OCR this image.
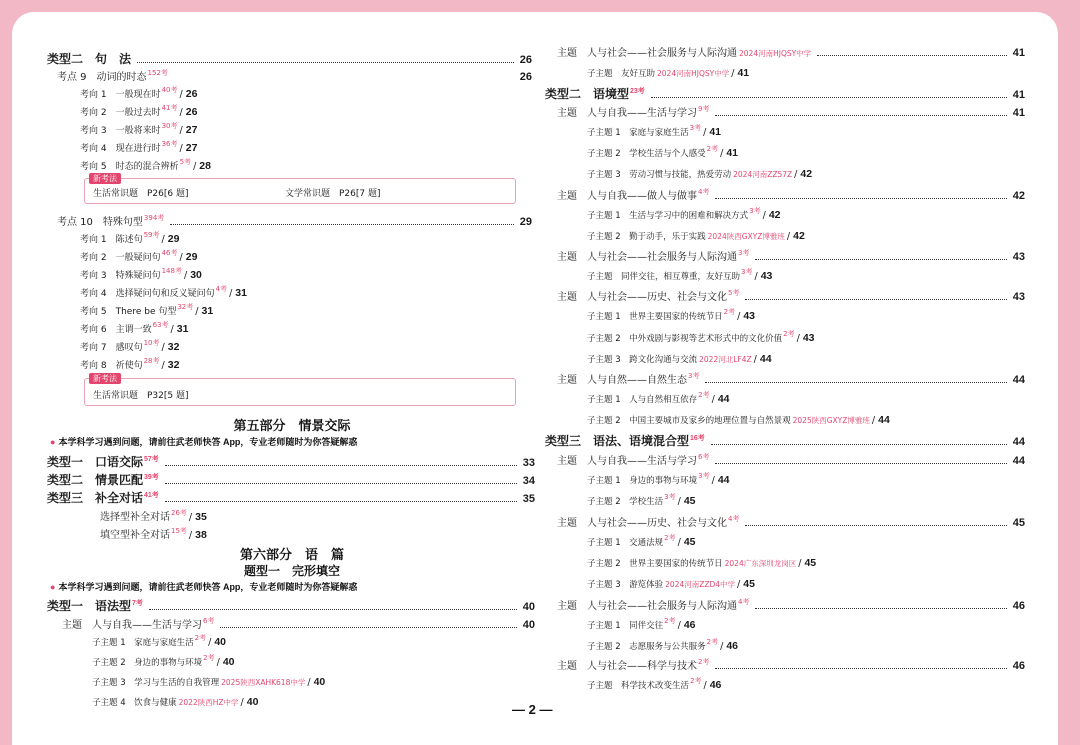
类型二　句　法	26
考点 9　动词的时态 152考	26
考向 1　一般现在时 40考 / 26
考向 2　一般过去时 41考 / 26
考向 3　一般将来时 30考 / 27
考向 4　现在进行时 36考 / 27
考向 5　时态的混合辨析 5考 / 28
新考法
生活常识题　P26[6 题]	文学常识题　P26[7 题]
考点 10　特殊句型 394考	29
考向 1　陈述句 59考 / 29
考向 2　一般疑问句 46考 / 29
考向 3　特殊疑问句 148考 / 30
考向 4　选择疑问句和反义疑问句 4考 / 31
考向 5　There be 句型 32考 / 31
考向 6　主谓一致 63考 / 31
考向 7　感叹句 10考 / 32
考向 8　祈使句 28考 / 32
新考法
生活常识题　P32[5 题]
第五部分　情景交际
● 本学科学习遇到问题，请前往武老师快答 App，专业老师随时为你答疑解惑
类型一　口语交际 57考	33
类型二　情景匹配 39考	34
类型三　补全对话 41考	35
选择型补全对话 26考 / 35
填空型补全对话 15考 / 38
第六部分　语　篇
题型一　完形填空
● 本学科学习遇到问题，请前往武老师快答 App，专业老师随时为你答疑解惑
类型一　语法型 7考	40
主题　人与自我——生活与学习 6考	40
子主题 1　家庭与家庭生活 2考 / 40
子主题 2　身边的事物与环境 2考 / 40
子主题 3　学习与生活的自我管理 2025陕西XAHK618中学 / 40
子主题 4　饮食与健康 2022陕西HZ中学 / 40
主题　人与社会——社会服务与人际沟通 2024河南HJQSY中学	41
子主题　友好互助 2024河南HJQSY中学 / 41
类型二　语境型 23考	41
主题　人与自我——生活与学习 9考	41
子主题 1　家庭与家庭生活 3考 / 41
子主题 2　学校生活与个人感受 2考 / 41
子主题 3　劳动习惯与技能，热爱劳动 2024河南ZZ57Z / 42
主题　人与自我——做人与做事 4考	42
子主题 1　生活与学习中的困难和解决方式 3考 / 42
子主题 2　勤于动手，乐于实践 2024陕西GXYZ博雅班 / 42
主题　人与社会——社会服务与人际沟通 3考	43
子主题　同伴交往，相互尊重，友好互助 3考 / 43
主题　人与社会——历史、社会与文化 5考	43
子主题 1　世界主要国家的传统节日 2考 / 43
子主题 2　中外戏剧与影视等艺术形式中的文化价值 2考 / 43
子主题 3　跨文化沟通与交流 2022河北LF4Z / 44
主题　人与自然——自然生态 3考	44
子主题 1　人与自然相互依存 2考 / 44
子主题 2　中国主要城市及家乡的地理位置与自然景观 2025陕西GXYZ博雅班 / 44
类型三　语法、语境混合型 16考	44
主题　人与自我——生活与学习 6考	44
子主题 1　身边的事物与环境 3考 / 44
子主题 2　学校生活 3考 / 45
主题　人与社会——历史、社会与文化 4考	45
子主题 1　交通法规 2考 / 45
子主题 2　世界主要国家的传统节日 2024广东深圳龙岗区 / 45
子主题 3　游览体验 2024河南ZZD4中学 / 45
主题　人与社会——社会服务与人际沟通 4考	46
子主题 1　同伴交往 2考 / 46
子主题 2　志愿服务与公共服务 2考 / 46
主题　人与社会——科学与技术 2考	46
子主题　科学技术改变生活 2考 / 46
— 2 —
